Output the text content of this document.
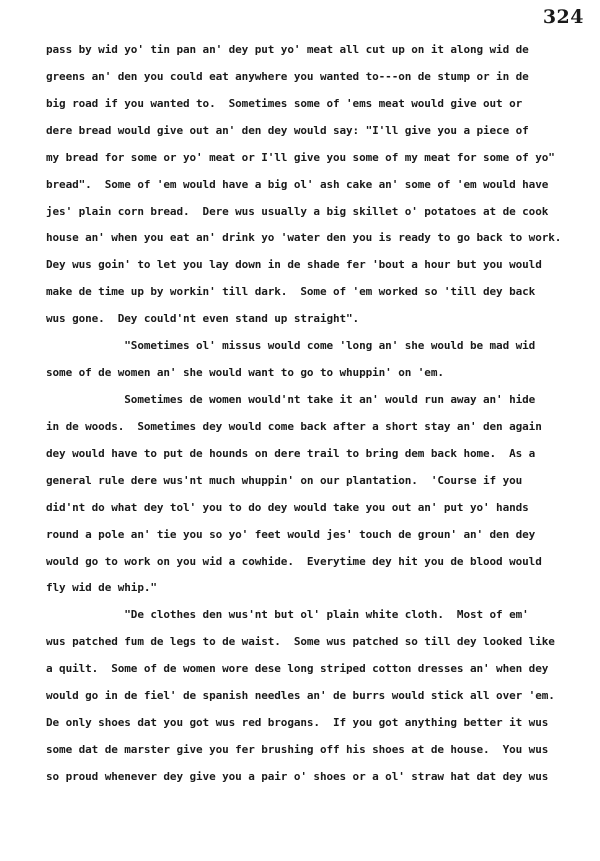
324
pass by wid yo' tin pan an' dey put yo' meat all cut up on it along wid de
greens an' den you could eat anywhere you wanted to---on de stump or in de
big road if you wanted to.  Sometimes some of 'ems meat would give out or
dere bread would give out an' den dey would say: "I'll give you a piece of
my bread for some or yo' meat or I'll give you some of my meat for some of yo"
bread".  Some of 'em would have a big ol' ash cake an' some of 'em would have
jes' plain corn bread.  Dere wus usually a big skillet o' potatoes at de cook
house an' when you eat an' drink yo 'water den you is ready to go back to work.
Dey wus goin' to let you lay down in de shade fer 'bout a hour but you would
make de time up by workin' till dark.  Some of 'em worked so 'till dey back
wus gone.  Dey could'nt even stand up straight".
"Sometimes ol' missus would come 'long an' she would be mad wid
some of de women an' she would want to go to whuppin' on 'em.
Sometimes de women would'nt take it an' would run away an' hide
in de woods.  Sometimes dey would come back after a short stay an' den again
dey would have to put de hounds on dere trail to bring dem back home.  As a
general rule dere wus'nt much whuppin' on our plantation.  'Course if you
did'nt do what dey tol' you to do dey would take you out an' put yo' hands
round a pole an' tie you so yo' feet would jes' touch de groun' an' den dey
would go to work on you wid a cowhide.  Everytime dey hit you de blood would
fly wid de whip."
"De clothes den wus'nt but ol' plain white cloth.  Most of em'
wus patched fum de legs to de waist.  Some wus patched so till dey looked like
a quilt.  Some of de women wore dese long striped cotton dresses an' when dey
would go in de fiel' de spanish needles an' de burrs would stick all over 'em.
De only shoes dat you got wus red brogans.  If you got anything better it wus
some dat de marster give you fer brushing off his shoes at de house.  You wus
so proud whenever dey give you a pair o' shoes or a ol' straw hat dat dey wus
